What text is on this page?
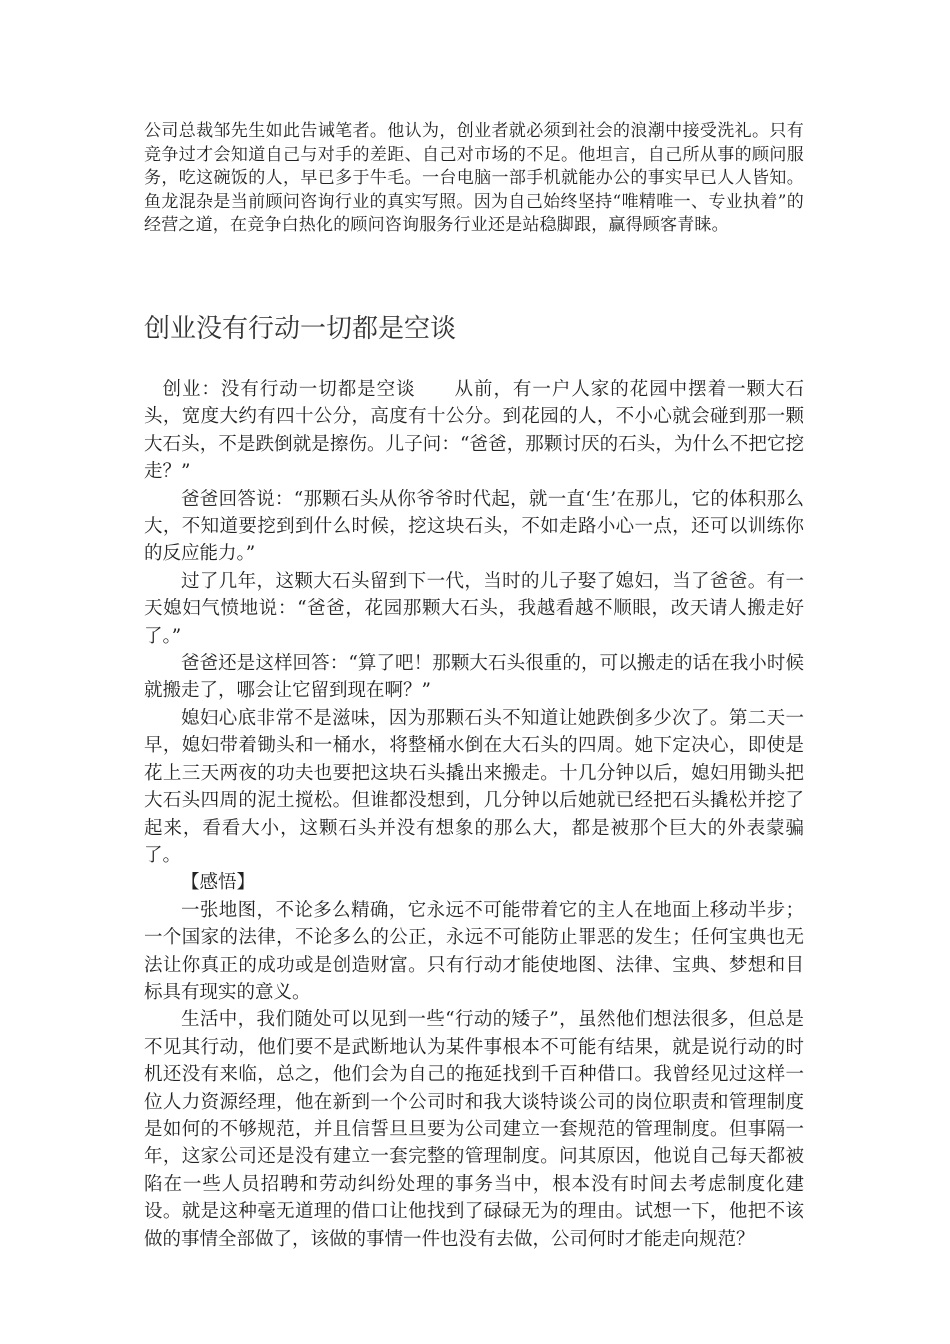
公司总裁邹先生如此告诫笔者。他认为，创业者就必须到社会的浪潮中接受洗礼。只有竞争过才会知道自己与对手的差距、自己对市场的不足。他坦言，自己所从事的顾问服务，吃这碗饭的人，早已多于牛毛。一台电脑一部手机就能办公的事实早已人人皆知。鱼龙混杂是当前顾问咨询行业的真实写照。因为自己始终坚持“唯精唯一、专业执着”的经营之道，在竞争白热化的顾问咨询服务行业还是站稳脚跟，赢得顾客青睐。
创业没有行动一切都是空谈

创业：没有行动一切都是空谈　　从前，有一户人家的花园中摆着一颗大石头，宽度大约有四十公分，高度有十公分。到花园的人，不小心就会碰到那一颗大石头，不是跌倒就是擦伤。儿子问：“爸爸，那颗讨厌的石头，为什么不把它挖走？”

爸爸回答说：“那颗石头从你爷爷时代起，就一直‘生’在那儿，它的体积那么大，不知道要挖到到什么时候，挖这块石头，不如走路小心一点，还可以训练你的反应能力。”

过了几年，这颗大石头留到下一代，当时的儿子娶了媳妇，当了爸爸。有一天媳妇气愤地说：“爸爸，花园那颗大石头，我越看越不顺眼，改天请人搬走好了。”

爸爸还是这样回答：“算了吧！那颗大石头很重的，可以搬走的话在我小时候就搬走了，哪会让它留到现在啊？”

媳妇心底非常不是滋味，因为那颗石头不知道让她跌倒多少次了。第二天一早，媳妇带着锄头和一桶水，将整桶水倒在大石头的四周。她下定决心，即使是花上三天两夜的功夫也要把这块石头撬出来搬走。十几分钟以后，媳妇用锄头把大石头四周的泥土搅松。但谁都没想到，几分钟以后她就已经把石头撬松并挖了起来，看看大小，这颗石头并没有想象的那么大，都是被那个巨大的外表蒙骗了。

【感悟】

一张地图，不论多么精确，它永远不可能带着它的主人在地面上移动半步；一个国家的法律，不论多么的公正，永远不可能防止罪恶的发生；任何宝典也无法让你真正的成功或是创造财富。只有行动才能使地图、法律、宝典、梦想和目标具有现实的意义。

生活中，我们随处可以见到一些“行动的矮子”，虽然他们想法很多，但总是不见其行动，他们要不是武断地认为某件事根本不可能有结果，就是说行动的时机还没有来临，总之，他们会为自己的拖延找到千百种借口。我曾经见过这样一位人力资源经理，他在新到一个公司时和我大谈特谈公司的岗位职责和管理制度是如何的不够规范，并且信誓旦旦要为公司建立一套规范的管理制度。但事隔一年，这家公司还是没有建立一套完整的管理制度。问其原因，他说自己每天都被陷在一些人员招聘和劳动纠纷处理的事务当中，根本没有时间去考虑制度化建设。就是这种毫无道理的借口让他找到了碌碌无为的理由。试想一下，他把不该做的事情全部做了，该做的事情一件也没有去做，公司何时才能走向规范？
